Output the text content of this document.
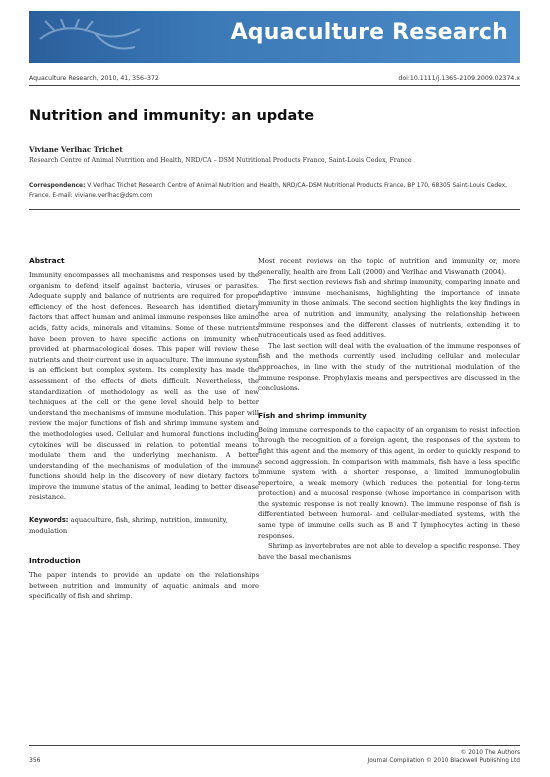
Aquaculture Research
Aquaculture Research, 2010, 41, 356–372	doi:10.1111/j.1365-2109.2009.02374.x
Nutrition and immunity: an update
Viviane Verlhac Trichet
Research Centre of Animal Nutrition and Health, NRD/CA – DSM Nutritional Products France, Saint-Louis Cedex, France
Correspondence: V Verlhac Trichet Research Centre of Animal Nutrition and Health, NRD/CA–DSM Nutritional Products France, BP 170, 68305 Saint-Louis Cedex, France. E-mail: viviane.verlhac@dsm.com
Abstract

Immunity encompasses all mechanisms and responses used by the organism to defend itself against bacteria, viruses or parasites. Adequate supply and balance of nutrients are required for proper efficiency of the host defences. Research has identified dietary factors that affect human and animal immune responses like amino acids, fatty acids, minerals and vitamins. Some of these nutrients have been proven to have specific actions on immunity when provided at pharmacological doses. This paper will review these nutrients and their current use in aquaculture. The immune system is an efficient but complex system. Its complexity has made the assessment of the effects of diets difficult. Nevertheless, the standardization of methodology as well as the use of new techniques at the cell or the gene level should help to better understand the mechanisms of immune modulation. This paper will review the major functions of fish and shrimp immune system and the methodologies used. Cellular and humoral functions including cytokines will be discussed in relation to potential means to modulate them and the underlying mechanism. A better understanding of the mechanisms of modulation of the immune functions should help in the discovery of new dietary factors to improve the immune status of the animal, leading to better disease resistance.

Keywords: aquaculture, fish, shrimp, nutrition, immunity, modulation

Introduction

The paper intends to provide an update on the relationships between nutrition and immunity of aquatic animals and more specifically of fish and shrimp.

Most recent reviews on the topic of nutrition and immunity or, more generally, health are from Lall (2000) and Verlhac and Viswanath (2004).

The first section reviews fish and shrimp immunity, comparing innate and adaptive immune mechanisms, highlighting the importance of innate immunity in those animals. The second section highlights the key findings in the area of nutrition and immunity, analysing the relationship between immune responses and the different classes of nutrients, extending it to nutraceuticals used as feed additives.

The last section will deal with the evaluation of the immune responses of fish and the methods currently used including cellular and molecular approaches, in line with the study of the nutritional modulation of the immune response. Prophylaxis means and perspectives are discussed in the conclusions.

Fish and shrimp immunity

Being immune corresponds to the capacity of an organism to resist infection through the recognition of a foreign agent, the responses of the system to fight this agent and the memory of this agent, in order to quickly respond to a second aggression. In comparison with mammals, fish have a less specific immune system with a shorter response, a limited immunoglobulin repertoire, a weak memory (which reduces the potential for long-term protection) and a mucosal response (whose importance in comparison with the systemic response is not really known). The immune response of fish is differentiated between humoral- and cellular-mediated systems, with the same type of immune cells such as B and T lymphocytes acting in these responses.

Shrimp as invertebrates are not able to develop a specific response. They have the basal mechanisms

356
© 2010 The Authors
Journal Compilation © 2010 Blackwell Publishing Ltd
